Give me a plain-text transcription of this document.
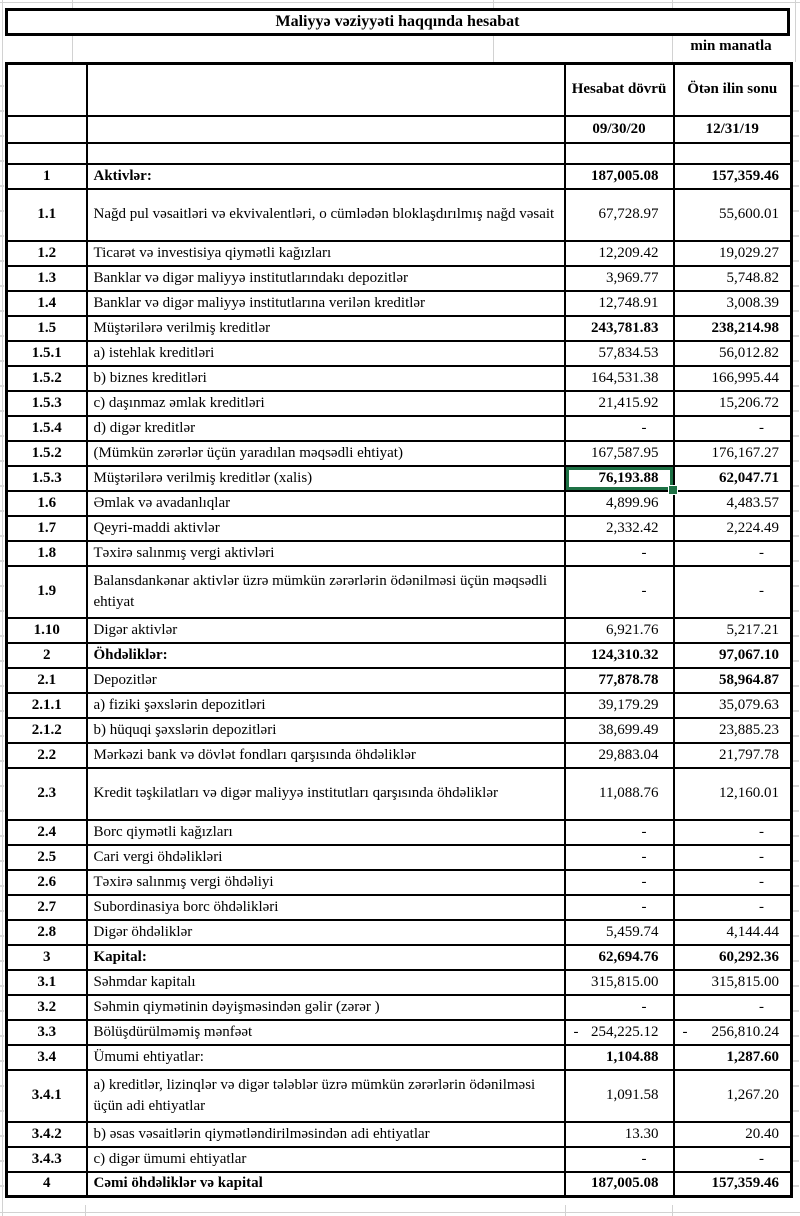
Maliyyə vəziyyəti haqqında hesabat
min manatla
		Hesabat dövrü	Ötən ilin sonu
		09/30/20	12/31/19

1	Aktivlər:	187,005.08	157,359.46
1.1	Nağd pul vəsaitləri və ekvivalentləri, o cümlədən bloklaşdırılmış nağd vəsait	67,728.97	55,600.01
1.2	Ticarət və investisiya qiymətli kağızları	12,209.42	19,029.27
1.3	Banklar və digər maliyyə institutlarındakı depozitlər	3,969.77	5,748.82
1.4	Banklar və digər maliyyə institutlarına verilən kreditlər	12,748.91	3,008.39
1.5	Müştərilərə verilmiş kreditlər	243,781.83	238,214.98
1.5.1	a) istehlak kreditləri	57,834.53	56,012.82
1.5.2	b) biznes kreditləri	164,531.38	166,995.44
1.5.3	c) daşınmaz əmlak kreditləri	21,415.92	15,206.72
1.5.4	d) digər kreditlər	-	-
1.5.2	(Mümkün zərərlər üçün yaradılan məqsədli ehtiyat)	167,587.95	176,167.27
1.5.3	Müştərilərə verilmiş kreditlər (xalis)	76,193.88	62,047.71
1.6	Əmlak və avadanlıqlar	4,899.96	4,483.57
1.7	Qeyri-maddi aktivlər	2,332.42	2,224.49
1.8	Təxirə salınmış vergi aktivləri	-	-
1.9	Balansdankənar aktivlər üzrə mümkün zərərlərin ödənilməsi üçün məqsədli ehtiyat	-	-
1.10	Digər aktivlər	6,921.76	5,217.21
2	Öhdəliklər:	124,310.32	97,067.10
2.1	Depozitlər	77,878.78	58,964.87
2.1.1	a) fiziki şəxslərin depozitləri	39,179.29	35,079.63
2.1.2	b) hüquqi şəxslərin depozitləri	38,699.49	23,885.23
2.2	Mərkəzi bank və dövlət fondları qarşısında öhdəliklər	29,883.04	21,797.78
2.3	Kredit təşkilatları və digər maliyyə institutları qarşısında öhdəliklər	11,088.76	12,160.01
2.4	Borc qiymətli kağızları	-	-
2.5	Cari vergi öhdəlikləri	-	-
2.6	Təxirə salınmış vergi öhdəliyi	-	-
2.7	Subordinasiya borc öhdəlikləri	-	-
2.8	Digər öhdəliklər	5,459.74	4,144.44
3	Kapital:	62,694.76	60,292.36
3.1	Səhmdar kapitalı	315,815.00	315,815.00
3.2	Səhmin qiymətinin dəyişməsindən gəlir (zərər )	-	-
3.3	Bölüşdürülməmiş mənfəət	- 254,225.12	- 256,810.24

3.4	Ümumi ehtiyatlar:	1,104.88	1,287.60
3.4.1	a) kreditlər, lizinqlər və digər tələblər üzrə mümkün zərərlərin ödənilməsi üçün adi ehtiyatlar	1,091.58	1,267.20
3.4.2	b) əsas vəsaitlərin qiymətləndirilməsindən adi ehtiyatlar	13.30	20.40
3.4.3	c) digər ümumi ehtiyatlar	-	-
4	Cəmi öhdəliklər və kapital	187,005.08	157,359.46
